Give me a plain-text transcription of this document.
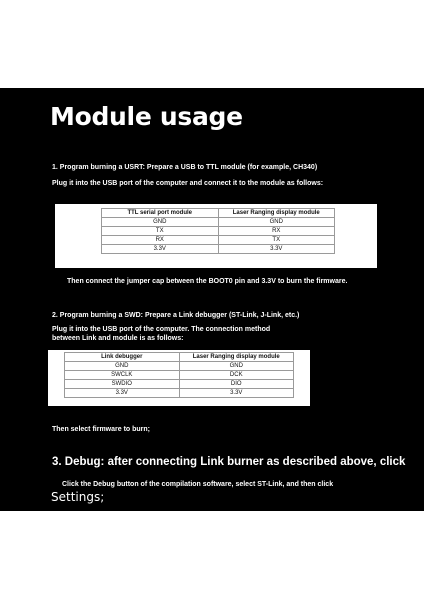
Module usage
1. Program burning a USRT: Prepare a USB to TTL module (for example, CH340)
Plug it into the USB port of the computer and connect it to the module as follows:
TTL serial port module	Laser Ranging display module
GND	GND
TX	RX
RX	TX
3.3V	3.3V
Then connect the jumper cap between the BOOT0 pin and 3.3V to burn the firmware.
2. Program burning a SWD: Prepare a Link debugger (ST-Link, J-Link, etc.)
Plug it into the USB port of the computer. The connection method
between Link and module is as follows:
Link debugger	Laser Ranging display module
GND	GND
SWCLK	DCK
SWDIO	DIO
3.3V	3.3V
Then select firmware to burn;
3. Debug: after connecting Link burner as described above, click
Click the Debug button of the compilation software, select ST-Link, and then click
Settings;
